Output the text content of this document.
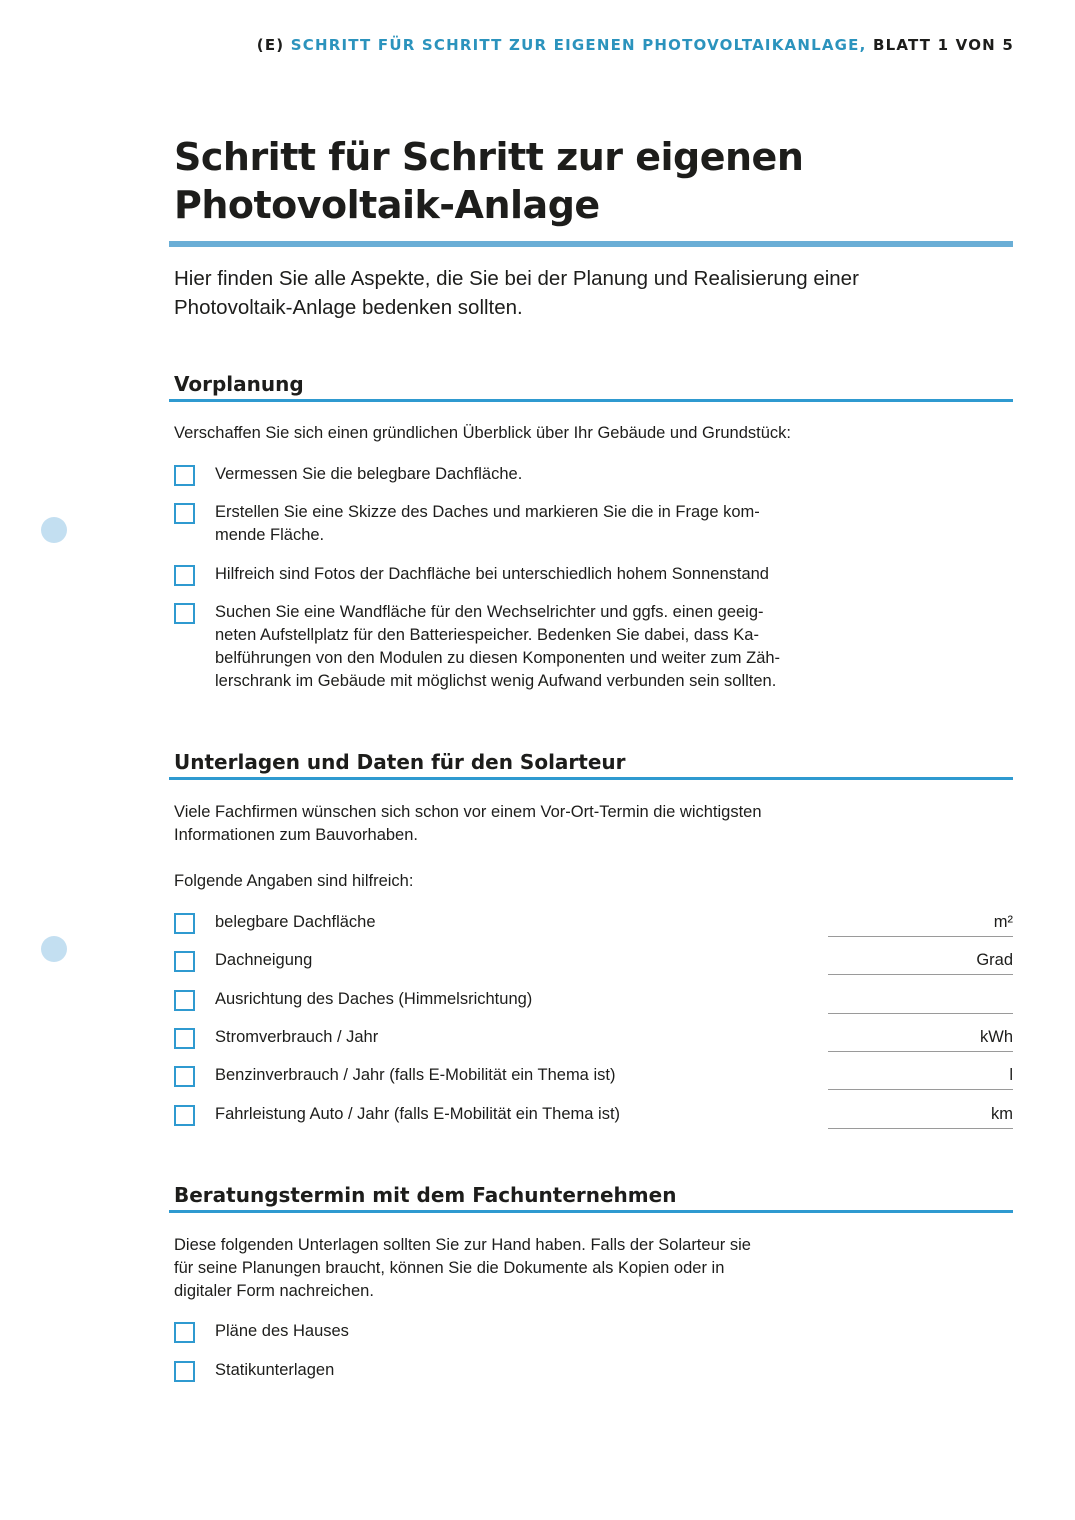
(E) SCHRITT FÜR SCHRITT ZUR EIGENEN PHOTOVOLTAIKANLAGE, BLATT 1 VON 5
Schritt für Schritt zur eigenen
Photovoltaik-Anlage

Hier finden Sie alle Aspekte, die Sie bei der Planung und Realisierung einer
Photovoltaik-Anlage bedenken sollten.

Vorplanung

Verschaffen Sie sich einen gründlichen Überblick über Ihr Gebäude und Grundstück:

Vermessen Sie die belegbare Dachfläche.

Erstellen Sie eine Skizze des Daches und markieren Sie die in Frage kom-
mende Fläche.

Hilfreich sind Fotos der Dachfläche bei unterschiedlich hohem Sonnenstand

Suchen Sie eine Wandfläche für den Wechselrichter und ggfs. einen geeig-
neten Aufstellplatz für den Batteriespeicher. Bedenken Sie dabei, dass Ka-
belführungen von den Modulen zu diesen Komponenten und weiter zum Zäh-
lerschrank im Gebäude mit möglichst wenig Aufwand verbunden sein sollten.

Unterlagen und Daten für den Solarteur

Viele Fachfirmen wünschen sich schon vor einem Vor-Ort-Termin die wichtigsten
Informationen zum Bauvorhaben.

Folgende Angaben sind hilfreich:

belegbare Dachfläche	m²

Dachneigung	Grad

Ausrichtung des Daches (Himmelsrichtung)

Stromverbrauch / Jahr	kWh

Benzinverbrauch / Jahr (falls E-Mobilität ein Thema ist)	l

Fahrleistung Auto / Jahr (falls E-Mobilität ein Thema ist)	km
Beratungstermin mit dem Fachunternehmen

Diese folgenden Unterlagen sollten Sie zur Hand haben. Falls der Solarteur sie
für seine Planungen braucht, können Sie die Dokumente als Kopien oder in
digitaler Form nachreichen.

Pläne des Hauses

Statikunterlagen
